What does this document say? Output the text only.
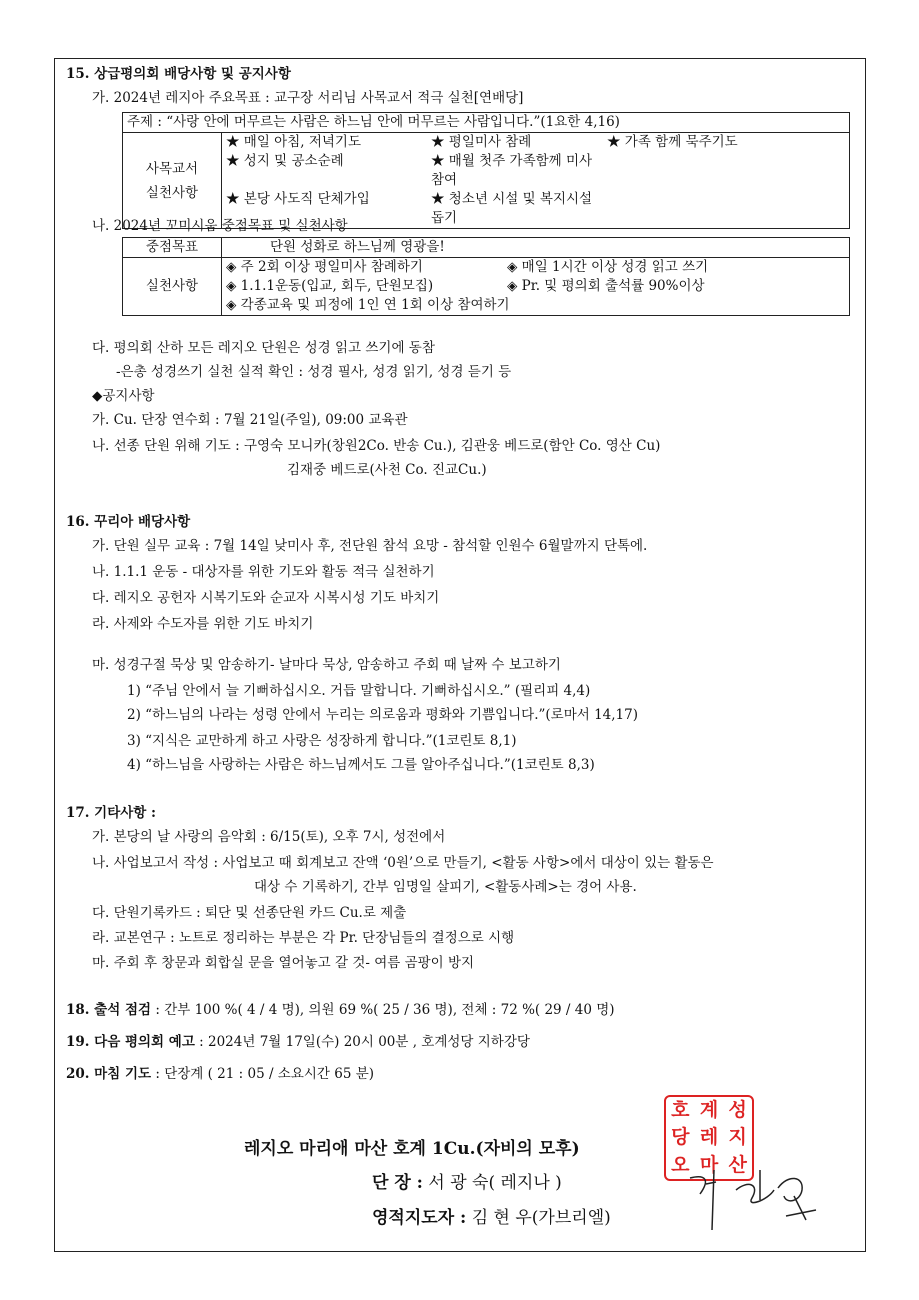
15. 상급평의회 배당사항 및 공지사항
가. 2024년 레지아 주요목표 : 교구장 서리님 사목교서 적극 실천[연배당]
주제 : “사랑 안에 머무르는 사람은 하느님 안에 머무르는 사람입니다.”(1요한 4,16)

사목교서
실천사항

★ 매일 아침, 저녁기도	★ 평일미사 참례	★ 가족 함께 묵주기도
★ 성지 및 공소순례	★ 매월 첫주 가족함께 미사 참여
★ 본당 사도직 단체가입	★ 청소년 시설 및 복지시설 돕기
나. 2024년 꼬미시움 중점목표 및 실천사항
중점목표	단원 성화로 하느님께 영광을!
실천사항	◈ 주 2회 이상 평일미사 참례하기 ◈ 매일 1시간 이상 성경 읽고 쓰기
◈ 1.1.1운동(입교, 회두, 단원모집) ◈ Pr. 및 평의회 출석률 90%이상
◈ 각종교육 및 피정에 1인 연 1회 이상 참여하기
다. 평의회 산하 모든 레지오 단원은 성경 읽고 쓰기에 동참
-은총 성경쓰기 실천 실적 확인 : 성경 필사, 성경 읽기, 성경 듣기 등
◆공지사항
가. Cu. 단장 연수회 : 7월 21일(주일), 09:00 교육관
나. 선종 단원 위해 기도 : 구영숙 모니카(창원2Co. 반송 Cu.), 김관웅 베드로(함안 Co. 영산 Cu)
김재중 베드로(사천 Co. 진교Cu.)
16. 꾸리아 배당사항
가. 단원 실무 교육 : 7월 14일 낮미사 후, 전단원 참석 요망 - 참석할 인원수 6월말까지 단톡에.
나. 1.1.1 운동 - 대상자를 위한 기도와 활동 적극 실천하기
다. 레지오 공헌자 시복기도와 순교자 시복시성 기도 바치기
라. 사제와 수도자를 위한 기도 바치기
마. 성경구절 묵상 및 암송하기- 날마다 묵상, 암송하고 주회 때 날짜 수 보고하기
1) “주님 안에서 늘 기뻐하십시오. 거듭 말합니다. 기뻐하십시오.” (필리피 4,4)
2) “하느님의 나라는 성령 안에서 누리는 의로움과 평화와 기쁨입니다.”(로마서 14,17)
3) “지식은 교만하게 하고 사랑은 성장하게 합니다.”(1코린토 8,1)
4) “하느님을 사랑하는 사람은 하느님께서도 그를 알아주십니다.”(1코린토 8,3)
17. 기타사항 :
가. 본당의 날 사랑의 음악회 : 6/15(토), 오후 7시, 성전에서
나. 사업보고서 작성 : 사업보고 때 회계보고 잔액 ‘0원’으로 만들기, <활동 사항>에서 대상이 있는 활동은
대상 수 기록하기, 간부 임명일 살피기, <활동사례>는 경어 사용.
다. 단원기록카드 : 퇴단 및 선종단원 카드 Cu.로 제출
라. 교본연구 : 노트로 정리하는 부분은 각 Pr. 단장님들의 결정으로 시행
마. 주회 후 창문과 회합실 문을 열어놓고 갈 것- 여름 곰팡이 방지
18. 출석 점검 : 간부 100 %( 4 / 4 명), 의원 69 %( 25 / 36 명), 전체 : 72 %( 29 / 40 명)
19. 다음 평의회 예고 : 2024년 7월 17일(수) 20시 00분 , 호계성당 지하강당
20. 마침 기도 : 단장계 ( 21 : 05 / 소요시간 65 분)
레지오 마리애 마산 호계 1Cu.(자비의 모후)
단 장 : 서 광 숙( 레지나 )
영적지도자 : 김 현 우(가브리엘)
호 계 성
당 레 지
오 마 산
